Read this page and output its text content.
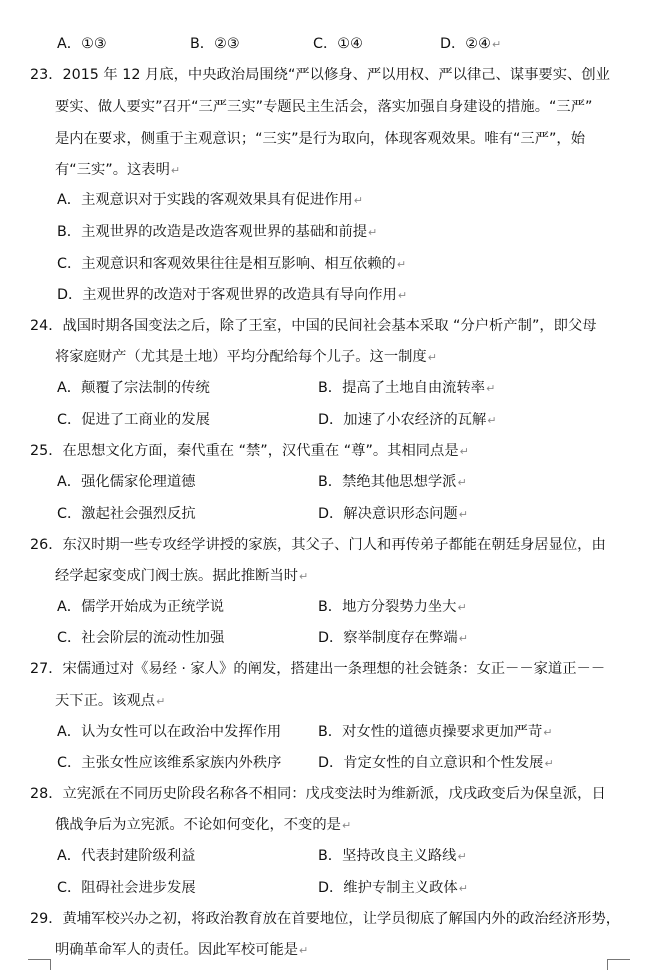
A．①③	B．②③	C．①④	D．②④↵
23．2015 年 12 月底，中央政治局围绕“严以修身、严以用权、严以律己、谋事要实、创业
要实、做人要实”召开“三严三实”专题民主生活会，落实加强自身建设的措施。“三严”
是内在要求，侧重于主观意识；“三实”是行为取向，体现客观效果。唯有“三严”，始
有“三实”。这表明↵
A．主观意识对于实践的客观效果具有促进作用↵
B．主观世界的改造是改造客观世界的基础和前提↵
C．主观意识和客观效果往往是相互影响、相互依赖的↵
D．主观世界的改造对于客观世界的改造具有导向作用↵
24．战国时期各国变法之后，除了王室，中国的民间社会基本采取 “分户析产制”，即父母
将家庭财产（尤其是土地）平均分配给每个儿子。这一制度↵
A．颠覆了宗法制的传统	B．提高了土地自由流转率↵
C．促进了工商业的发展	D．加速了小农经济的瓦解↵
25．在思想文化方面，秦代重在 “禁”，汉代重在 “尊”。其相同点是↵
A．强化儒家伦理道德	B．禁绝其他思想学派↵
C．激起社会强烈反抗	D．解决意识形态问题↵
26．东汉时期一些专攻经学讲授的家族，其父子、门人和再传弟子都能在朝廷身居显位，由
经学起家变成门阀士族。据此推断当时↵
A．儒学开始成为正统学说	B．地方分裂势力坐大↵
C．社会阶层的流动性加强	D．察举制度存在弊端↵
27．宋儒通过对《易经 · 家人》的阐发，搭建出一条理想的社会链条：女正－－家道正－－
天下正。该观点↵
A．认为女性可以在政治中发挥作用	B．对女性的道德贞操要求更加严苛↵
C．主张女性应该维系家族内外秩序	D．肯定女性的自立意识和个性发展↵
28．立宪派在不同历史阶段名称各不相同：戊戌变法时为维新派，戊戌政变后为保皇派，日
俄战争后为立宪派。不论如何变化，不变的是↵
A．代表封建阶级利益	B．坚持改良主义路线↵
C．阻碍社会进步发展	D．维护专制主义政体↵
29．黄埔军校兴办之初，将政治教育放在首要地位，让学员彻底了解国内外的政治经济形势，
明确革命军人的责任。因此军校可能是↵
